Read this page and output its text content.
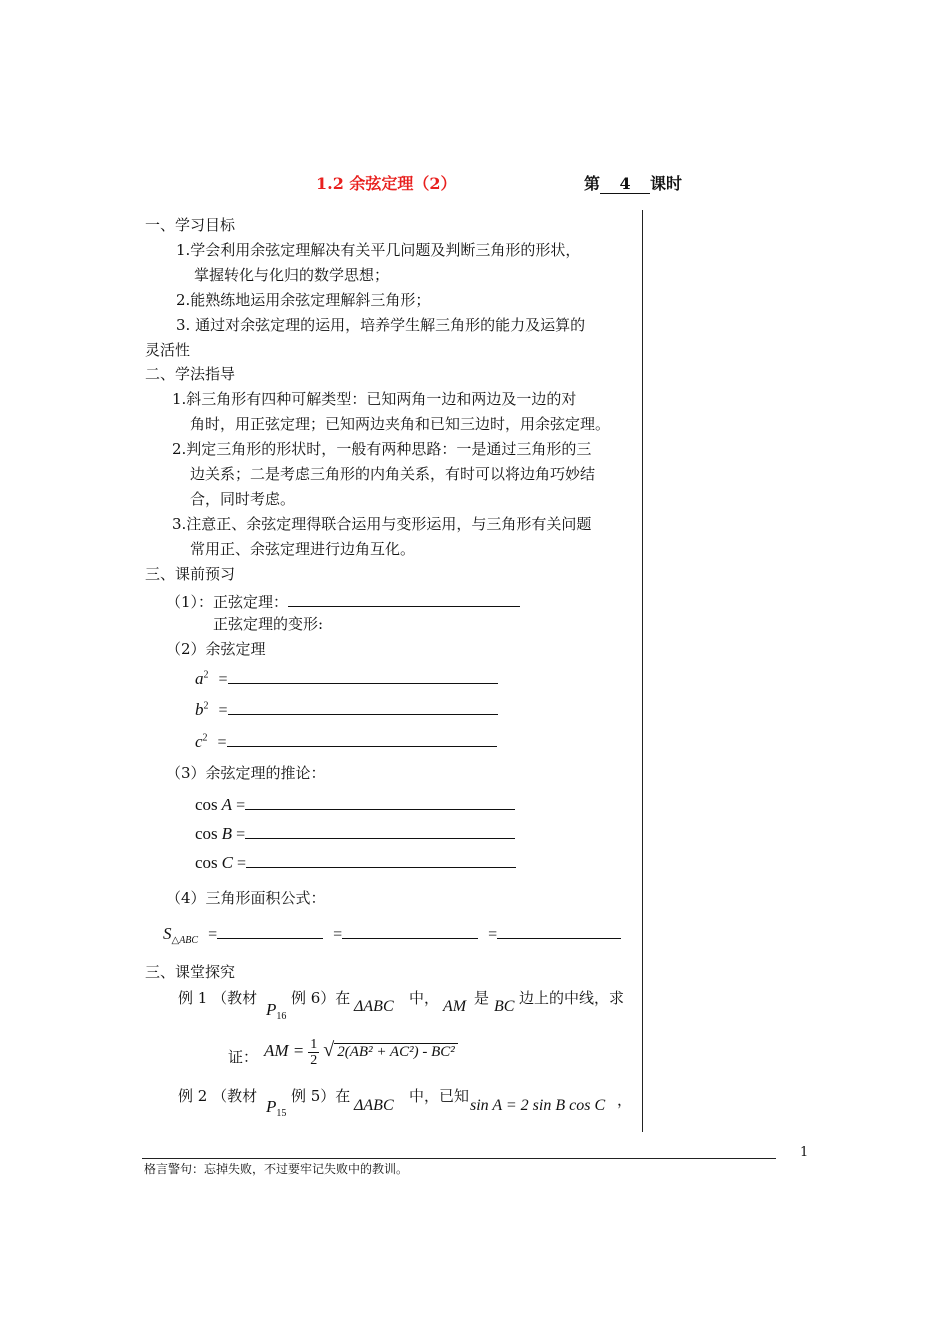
1.2 余弦定理（2）	第 4 课时
一、学习目标
1.学会利用余弦定理解决有关平几问题及判断三角形的形状，
掌握转化与化归的数学思想；
2.能熟练地运用余弦定理解斜三角形；
3. 通过对余弦定理的运用，培养学生解三角形的能力及运算的
灵活性
二、学法指导
1.斜三角形有四种可解类型：已知两角一边和两边及一边的对
角时，用正弦定理；已知两边夹角和已知三边时，用余弦定理。
2.判定三角形的形状时，一般有两种思路：一是通过三角形的三
边关系；二是考虑三角形的内角关系，有时可以将边角巧妙结
合，同时考虑。
3.注意正、余弦定理得联合运用与变形运用，与三角形有关问题
常用正、余弦定理进行边角互化。
三、课前预习
（1）：正弦定理：
正弦定理的变形:
（2）余弦定理
$a^2$ =
$b^2$ =
$c^2$ =
（3）余弦定理的推论：
cos A =
cos B =
cos C =
（4）三角形面积公式：
$S_{\triangle ABC}$ =	=	=
三、课堂探究
例 1 （教材
$P_{16}$
例 6）在 ΔABC 中， AM 是 BC 边上的中线，求
证： AM = $\frac{1}{2}$ √ 2(AB² + AC²) - BC²
例 2 （教材
$P_{15}$
例 5）在
ΔABC
中，已知
sin A = 2 sin B cos C ，
1
格言警句：忘掉失败，不过要牢记失败中的教训。
